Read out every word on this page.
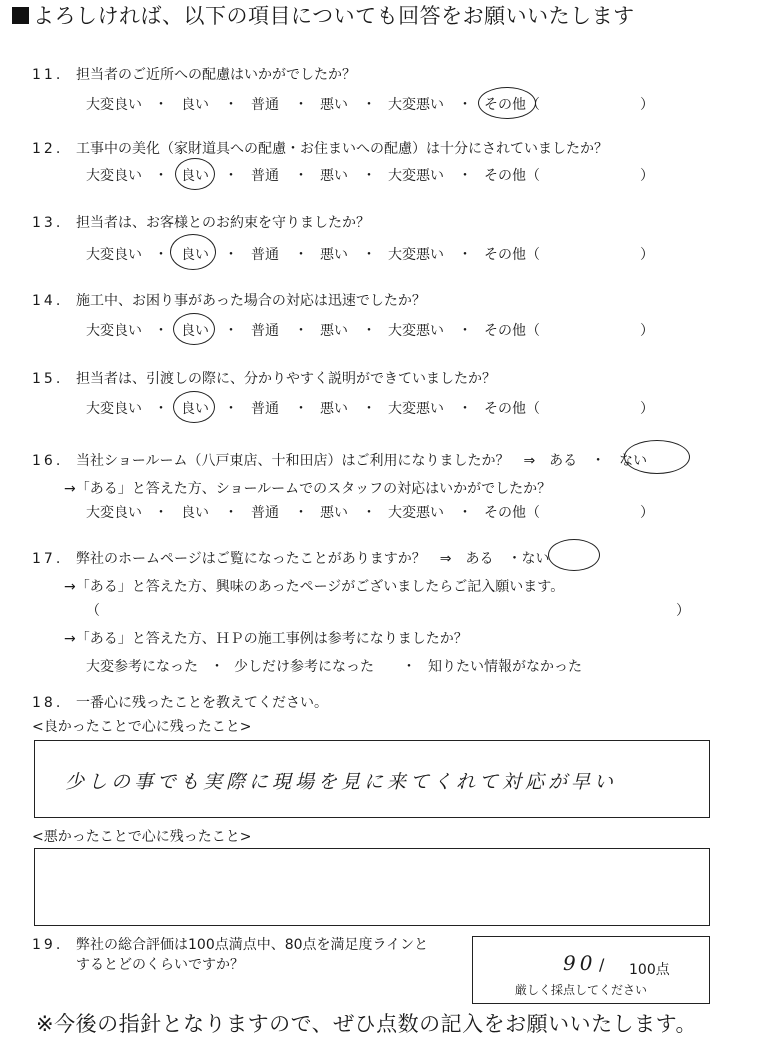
よろしければ、以下の項目についても回答をお願いいたします
11. 担当者のご近所への配慮はいかがでしたか？
大変良い ・ 良い ・ 普通 ・ 悪い ・ 大変悪い ・ その他（	）
12. 工事中の美化（家財道具への配慮・お住まいへの配慮）は十分にされていましたか？
大変良い ・ 良い ・ 普通 ・ 悪い ・ 大変悪い ・ その他（	）
13. 担当者は、お客様とのお約束を守りましたか？
大変良い ・ 良い ・ 普通 ・ 悪い ・ 大変悪い ・ その他（	）
14. 施工中、お困り事があった場合の対応は迅速でしたか？
大変良い ・ 良い ・ 普通 ・ 悪い ・ 大変悪い ・ その他（	）
15. 担当者は、引渡しの際に、分かりやすく説明ができていましたか？
大変良い ・ 良い ・ 普通 ・ 悪い ・ 大変悪い ・ その他（	）
16. 当社ショールーム（八戸東店、十和田店）はご利用になりましたか？　⇒　ある　・　ない
→「ある」と答えた方、ショールームでのスタッフの対応はいかがでしたか？
大変良い ・ 良い ・ 普通 ・ 悪い ・ 大変悪い ・ その他（	）
17. 弊社のホームページはご覧になったことがありますか？　⇒　ある　・ない
→「ある」と答えた方、興味のあったページがございましたらご記入願います。
（	）
→「ある」と答えた方、ＨＰの施工事例は参考になりましたか？
大変参考になった ・ 少しだけ参考になった ・ 知りたい情報がなかった
18. 一番心に残ったことを教えてください。
<良かったことで心に残ったこと>
少しの事でも実際に現場を見に来てくれて対応が早い
<悪かったことで心に残ったこと>
19. 弊社の総合評価は100点満点中、80点を満足度ラインと
するとどのくらいですか？	90 / 100点
厳しく採点してください
※今後の指針となりますので、ぜひ点数の記入をお願いいたします。
